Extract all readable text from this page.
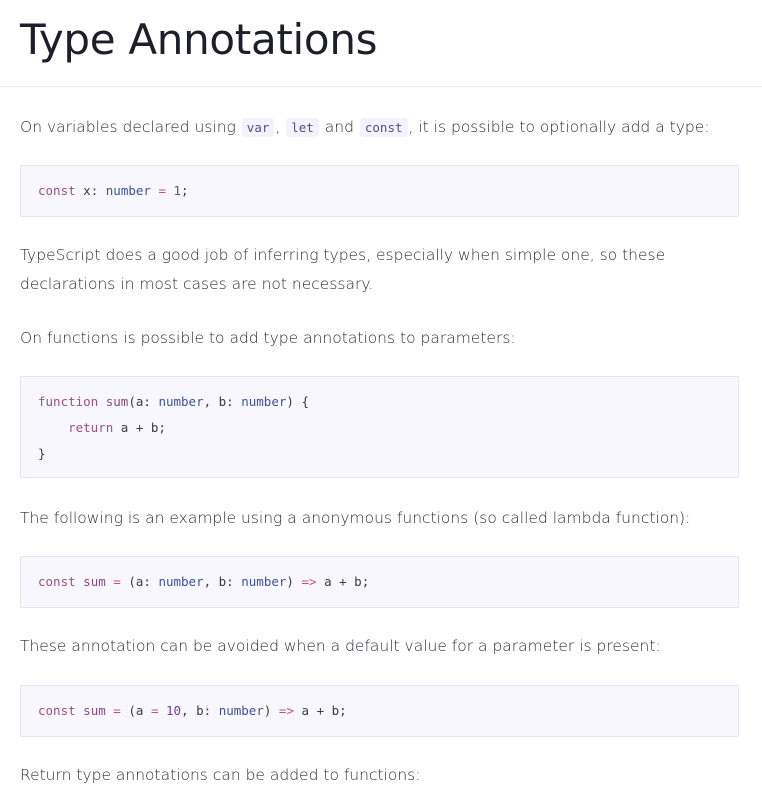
Type Annotations

On variables declared using var , let and const , it is possible to optionally add a type:

const x: number = 1;

TypeScript does a good job of inferring types, especially when simple one, so these declarations in most cases are not necessary.

On functions is possible to add type annotations to parameters:

function sum(a: number, b: number) {
return a + b;
}

The following is an example using a anonymous functions (so called lambda function):

const sum = (a: number, b: number) => a + b;

These annotation can be avoided when a default value for a parameter is present:

const sum = (a = 10, b: number) => a + b;

Return type annotations can be added to functions:
